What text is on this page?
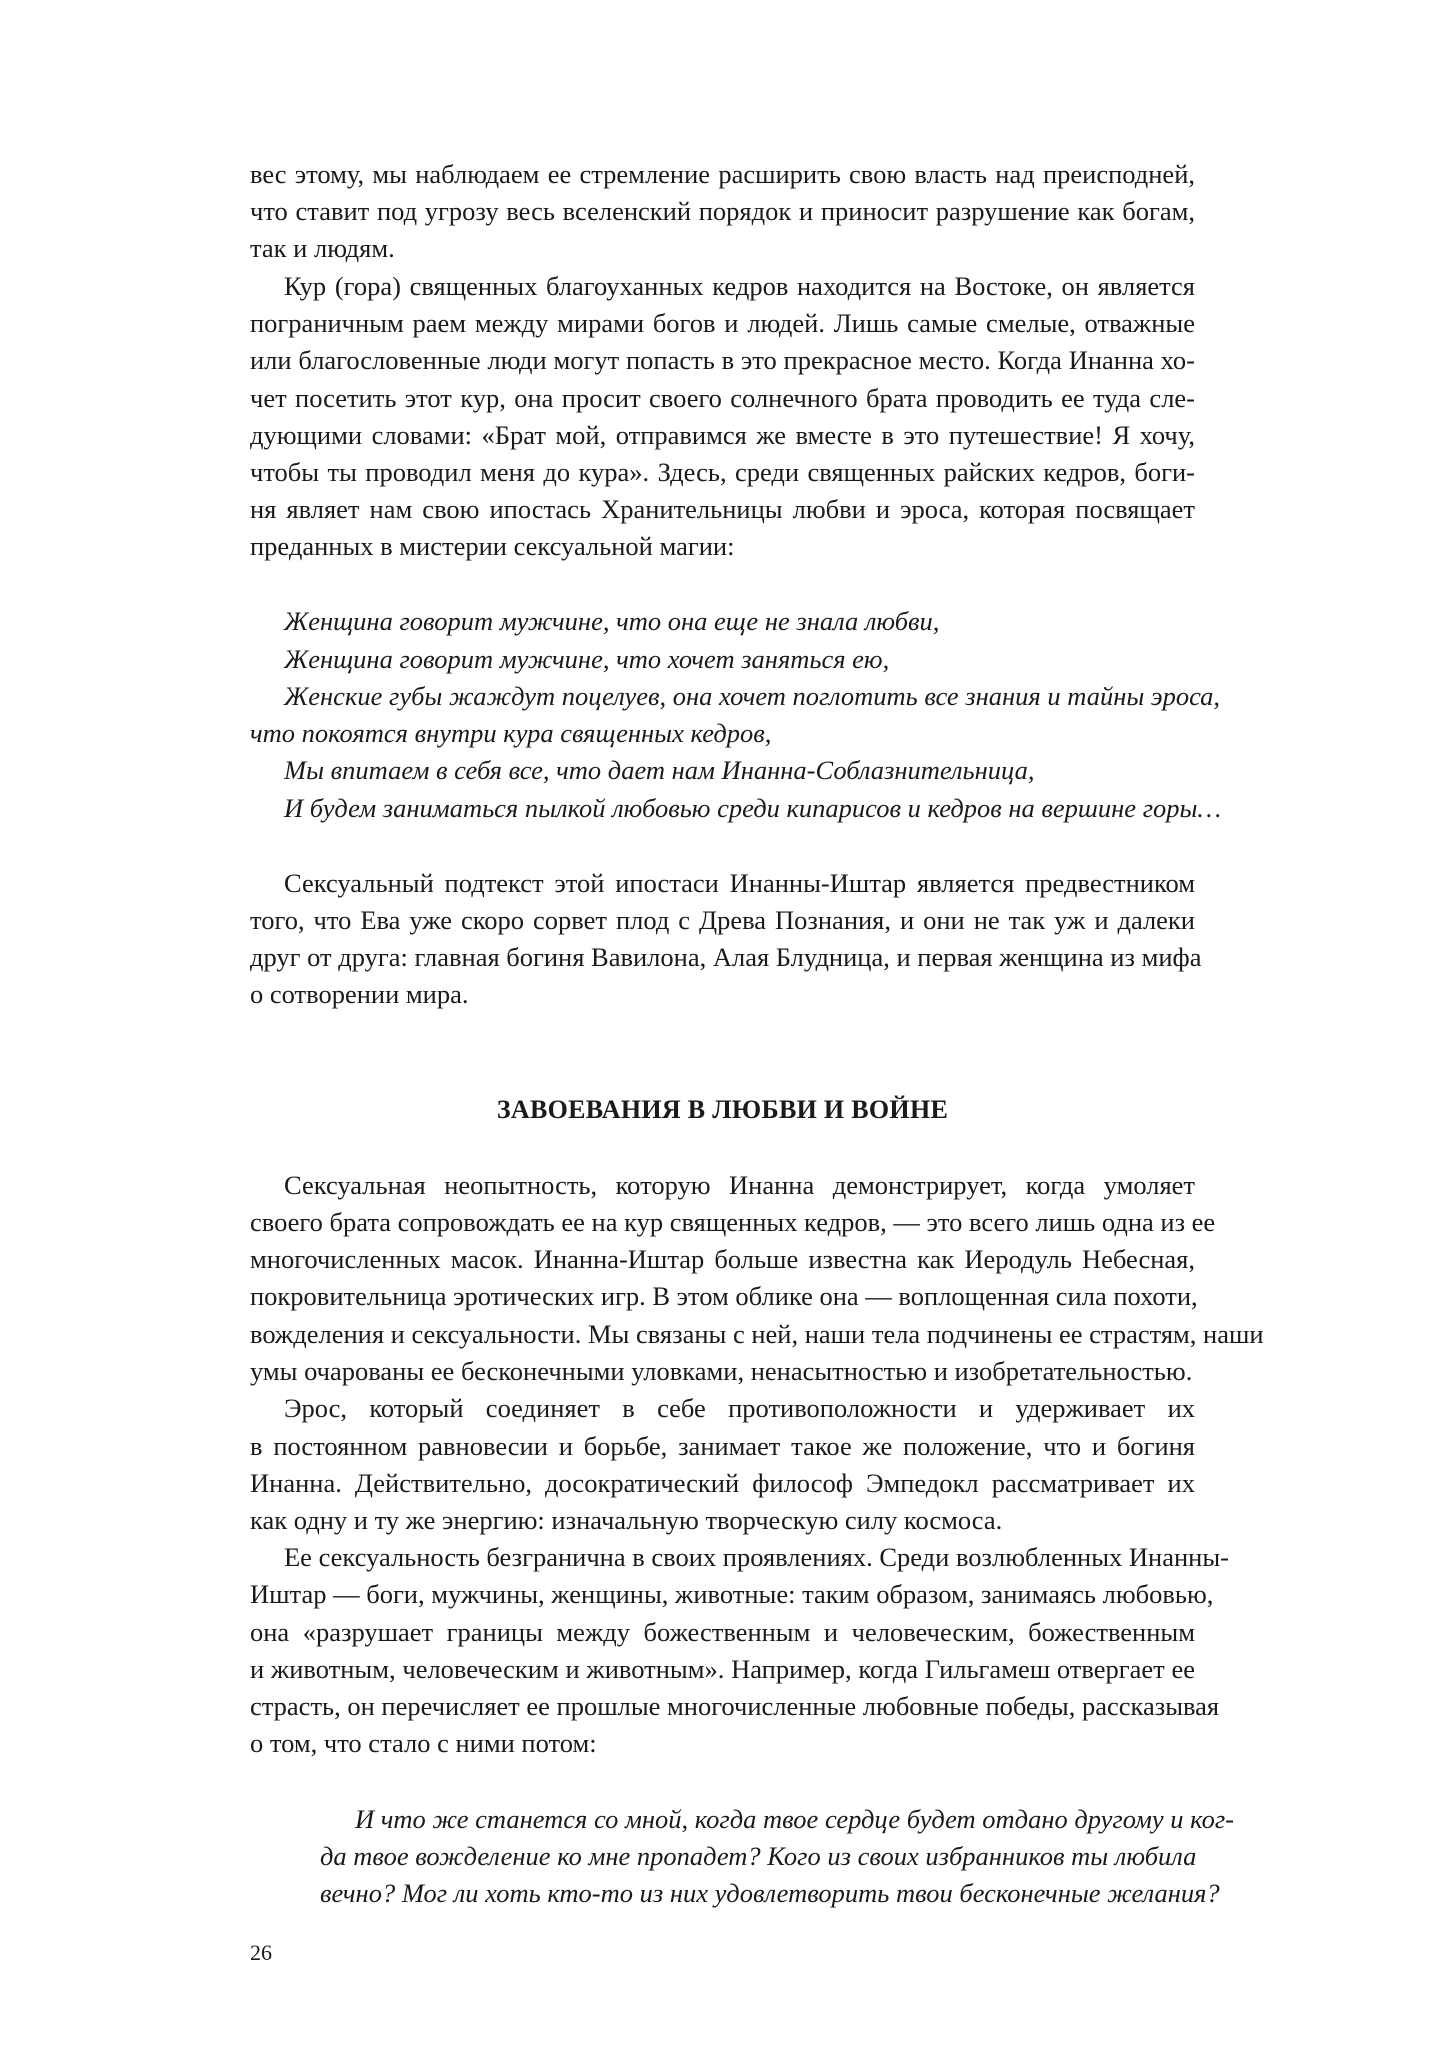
вес этому, мы наблюдаем ее стремление расширить свою власть над преисподней,
что ставит под угрозу весь вселенский порядок и приносит разрушение как богам,
так и людям.
Кур (гора) священных благоуханных кедров находится на Востоке, он является
пограничным раем между мирами богов и людей. Лишь самые смелые, отважные
или благословенные люди могут попасть в это прекрасное место. Когда Инанна хо-
чет посетить этот кур, она просит своего солнечного брата проводить ее туда сле-
дующими словами: «Брат мой, отправимся же вместе в это путешествие! Я хочу,
чтобы ты проводил меня до кура». Здесь, среди священных райских кедров, боги-
ня являет нам свою ипостась Хранительницы любви и эроса, которая посвящает
преданных в мистерии сексуальной магии:
Женщина говорит мужчине, что она еще не знала любви,
Женщина говорит мужчине, что хочет заняться ею,
Женские губы жаждут поцелуев, она хочет поглотить все знания и тайны эроса,
что покоятся внутри кура священных кедров,
Мы впитаем в себя все, что дает нам Инанна-Соблазнительница,
И будем заниматься пылкой любовью среди кипарисов и кедров на вершине горы…
Сексуальный подтекст этой ипостаси Инанны-Иштар является предвестником
того, что Ева уже скоро сорвет плод с Древа Познания, и они не так уж и далеки
друг от друга: главная богиня Вавилона, Алая Блудница, и первая женщина из мифа
о сотворении мира.
ЗАВОЕВАНИЯ В ЛЮБВИ И ВОЙНЕ
Сексуальная неопытность, которую Инанна демонстрирует, когда умоляет
своего брата сопровождать ее на кур священных кедров, — это всего лишь одна из ее
многочисленных масок. Инанна-Иштар больше известна как Иеродуль Небесная,
покровительница эротических игр. В этом облике она — воплощенная сила похоти,
вожделения и сексуальности. Мы связаны с ней, наши тела подчинены ее страстям, наши
умы очарованы ее бесконечными уловками, ненасытностью и изобретательностью.
Эрос, который соединяет в себе противоположности и удерживает их
в постоянном равновесии и борьбе, занимает такое же положение, что и богиня
Инанна. Действительно, досократический философ Эмпедокл рассматривает их
как одну и ту же энергию: изначальную творческую силу космоса.
Ее сексуальность безгранична в своих проявлениях. Среди возлюбленных Инанны-
Иштар — боги, мужчины, женщины, животные: таким образом, занимаясь любовью,
она «разрушает границы между божественным и человеческим, божественным
и животным, человеческим и животным». Например, когда Гильгамеш отвергает ее
страсть, он перечисляет ее прошлые многочисленные любовные победы, рассказывая
о том, что стало с ними потом:
И что же станется со мной, когда твое сердце будет отдано другому и ког-
да твое вожделение ко мне пропадет? Кого из своих избранников ты любила
вечно? Мог ли хоть кто-то из них удовлетворить твои бесконечные желания?
26
